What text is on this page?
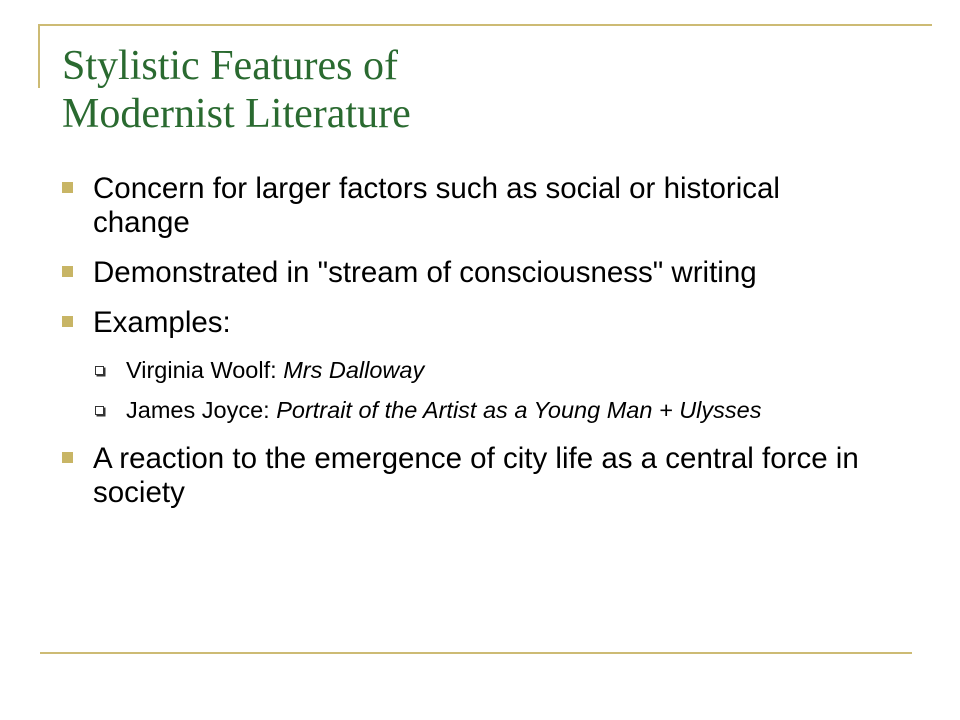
Stylistic Features of
Modernist Literature
Concern for larger factors such as social or historical change
Demonstrated in "stream of consciousness" writing
Examples:
Virginia Woolf: Mrs Dalloway
James Joyce: Portrait of the Artist as a Young Man + Ulysses
A reaction to the emergence of city life as a central force in society
